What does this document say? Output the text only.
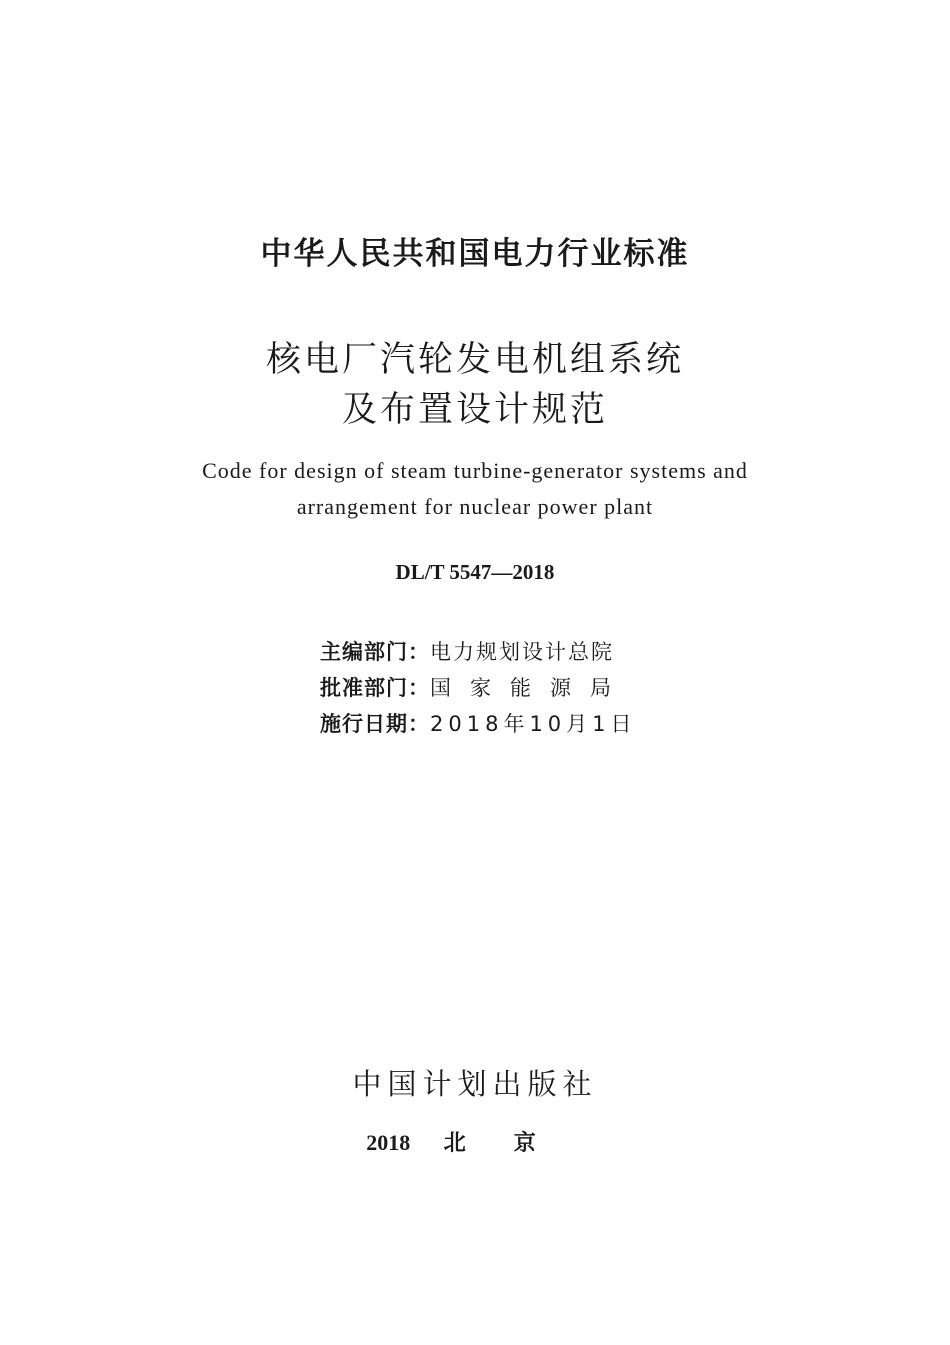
中华人民共和国电力行业标准
核电厂汽轮发电机组系统
及布置设计规范
Code for design of steam turbine-generator systems and
arrangement for nuclear power plant
DL/T 5547—2018
主编部门： 电力规划设计总院
批准部门： 国家能源局
施行日期： 2018年10月1日
中国计划出版社
2018 北京
